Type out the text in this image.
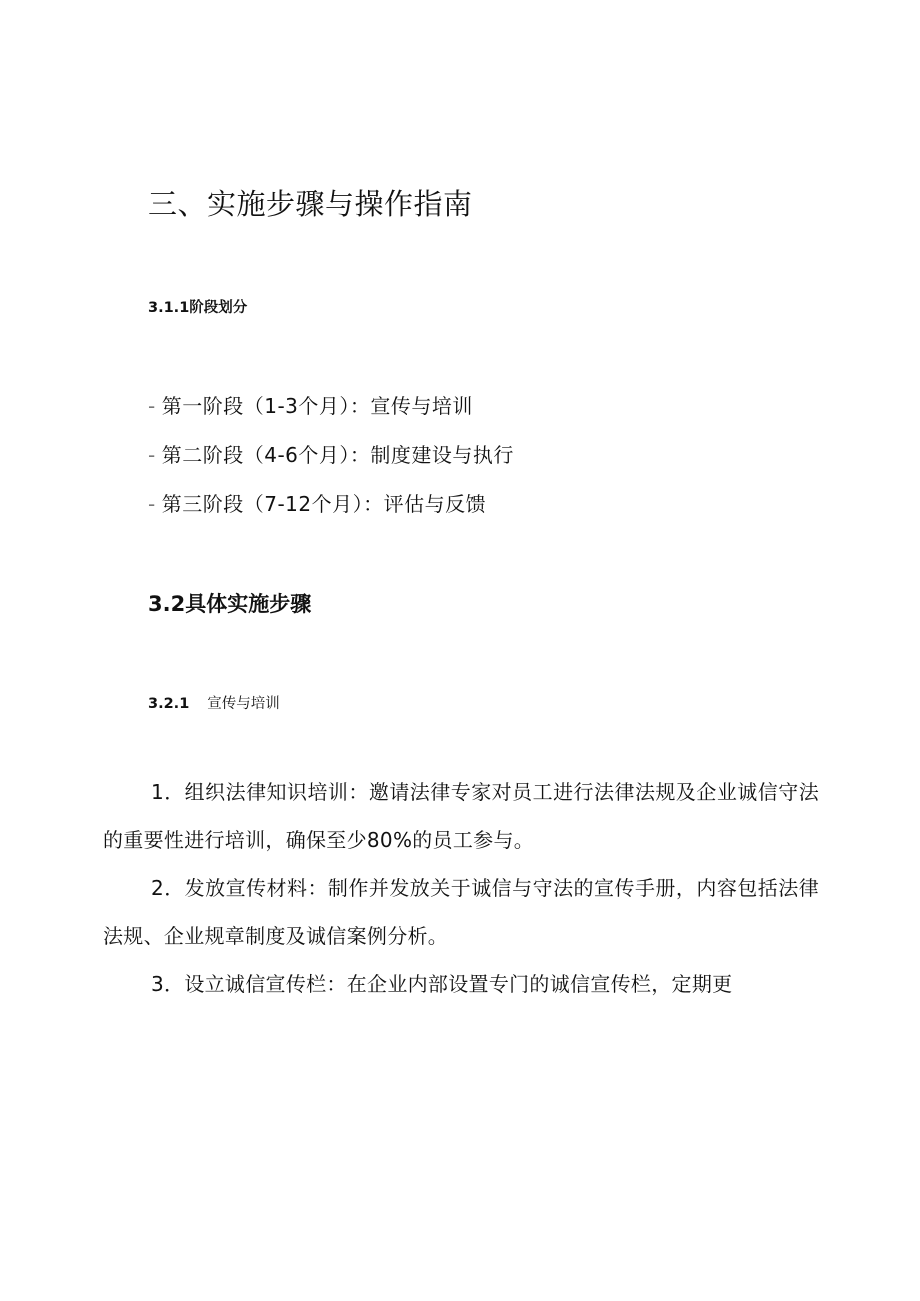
三、实施步骤与操作指南
3.1.1阶段划分
- 第一阶段（1-3个月）：宣传与培训
- 第二阶段（4-6个月）：制度建设与执行
- 第三阶段（7-12个月）：评估与反馈
3.2具体实施步骤
3.2.1 宣传与培训

1．组织法律知识培训：邀请法律专家对员工进行法律法规及企业诚信守法的重要性进行培训，确保至少80%的员工参与。

2．发放宣传材料：制作并发放关于诚信与守法的宣传手册，内容包括法律法规、企业规章制度及诚信案例分析。

3．设立诚信宣传栏：在企业内部设置专门的诚信宣传栏，定期更
